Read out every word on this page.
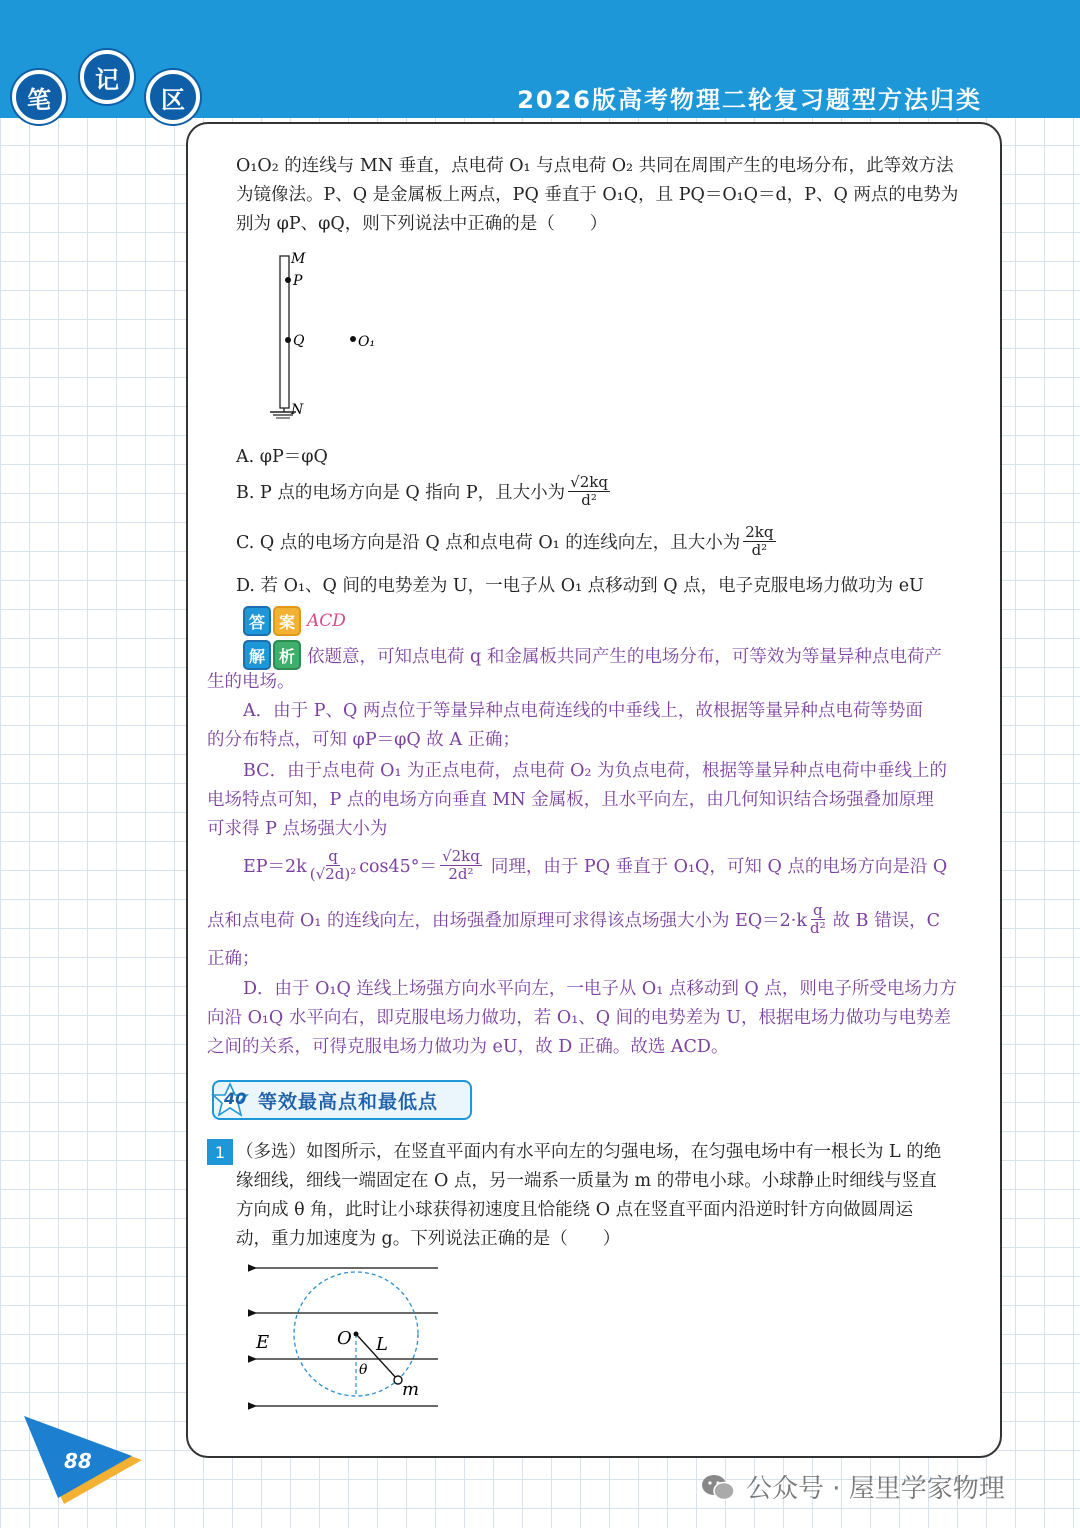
笔
记
区	2026版高考物理二轮复习题型方法归类
O₁O₂ 的连线与 MN 垂直，点电荷 O₁ 与点电荷 O₂ 共同在周围产生的电场分布，此等效方法
为镜像法。P、Q 是金属板上两点，PQ 垂直于 O₁Q，且 PQ＝O₁Q＝d，P、Q 两点的电势为
别为 φP、φQ，则下列说法中正确的是（　　）
M
P
Q
N
O₁
A. φP＝φQ
B. P 点的电场方向是 Q 指向 P，且大小为 $\frac{√2kq}{\text{d²}}$
C. Q 点的电场方向是沿 Q 点和点电荷 O₁ 的连线向左，且大小为 $\frac{2kq}{\text{d²}}$
D. 若 O₁、Q 间的电势差为 U，一电子从 O₁ 点移动到 Q 点，电子克服电场力做功为 eU
答 案 ACD
解 析 依题意，可知点电荷 q 和金属板共同产生的电场分布，可等效为等量异种点电荷产
生的电场。
A．由于 P、Q 两点位于等量异种点电荷连线的中垂线上，故根据等量异种点电荷等势面
的分布特点，可知 φP＝φQ 故 A 正确；
BC．由于点电荷 O₁ 为正点电荷，点电荷 O₂ 为负点电荷，根据等量异种点电荷中垂线上的
电场特点可知，P 点的电场方向垂直 MN 金属板，且水平向左，由几何知识结合场强叠加原理
可求得 P 点场强大小为
$EP=2k \frac{q}{\text{(√2d)²}} \cos 45^\circ= \frac{√2kq}{\text{2d²}}$ 同理，由于 PQ 垂直于 O₁Q，可知 Q 点的电场方向是沿 Q
点和点电荷 O₁ 的连线向左，由场强叠加原理可求得该点场强大小为 $EQ=2\cdot k \frac{q}{\text{d²}}$ 故 B 错误，C
正确；
D．由于 O₁Q 连线上场强方向水平向左，一电子从 O₁ 点移动到 Q 点，则电子所受电场力方
向沿 O₁Q 水平向右，即克服电场力做功，若 O₁、Q 间的电势差为 U，根据电场力做功与电势差
之间的关系，可得克服电场力做功为 eU，故 D 正确。故选 ACD。
40 等效最高点和最低点
1 （多选）如图所示，在竖直平面内有水平向左的匀强电场，在匀强电场中有一根长为 L 的绝
缘细线，细线一端固定在 O 点，另一端系一质量为 m 的带电小球。小球静止时细线与竖直
方向成 θ 角，此时让小球获得初速度且恰能绕 O 点在竖直平面内沿逆时针方向做圆周运
动，重力加速度为 g。下列说法正确的是（　　）
E	O L
θ
m
88
公众号 · 屋里学家物理
